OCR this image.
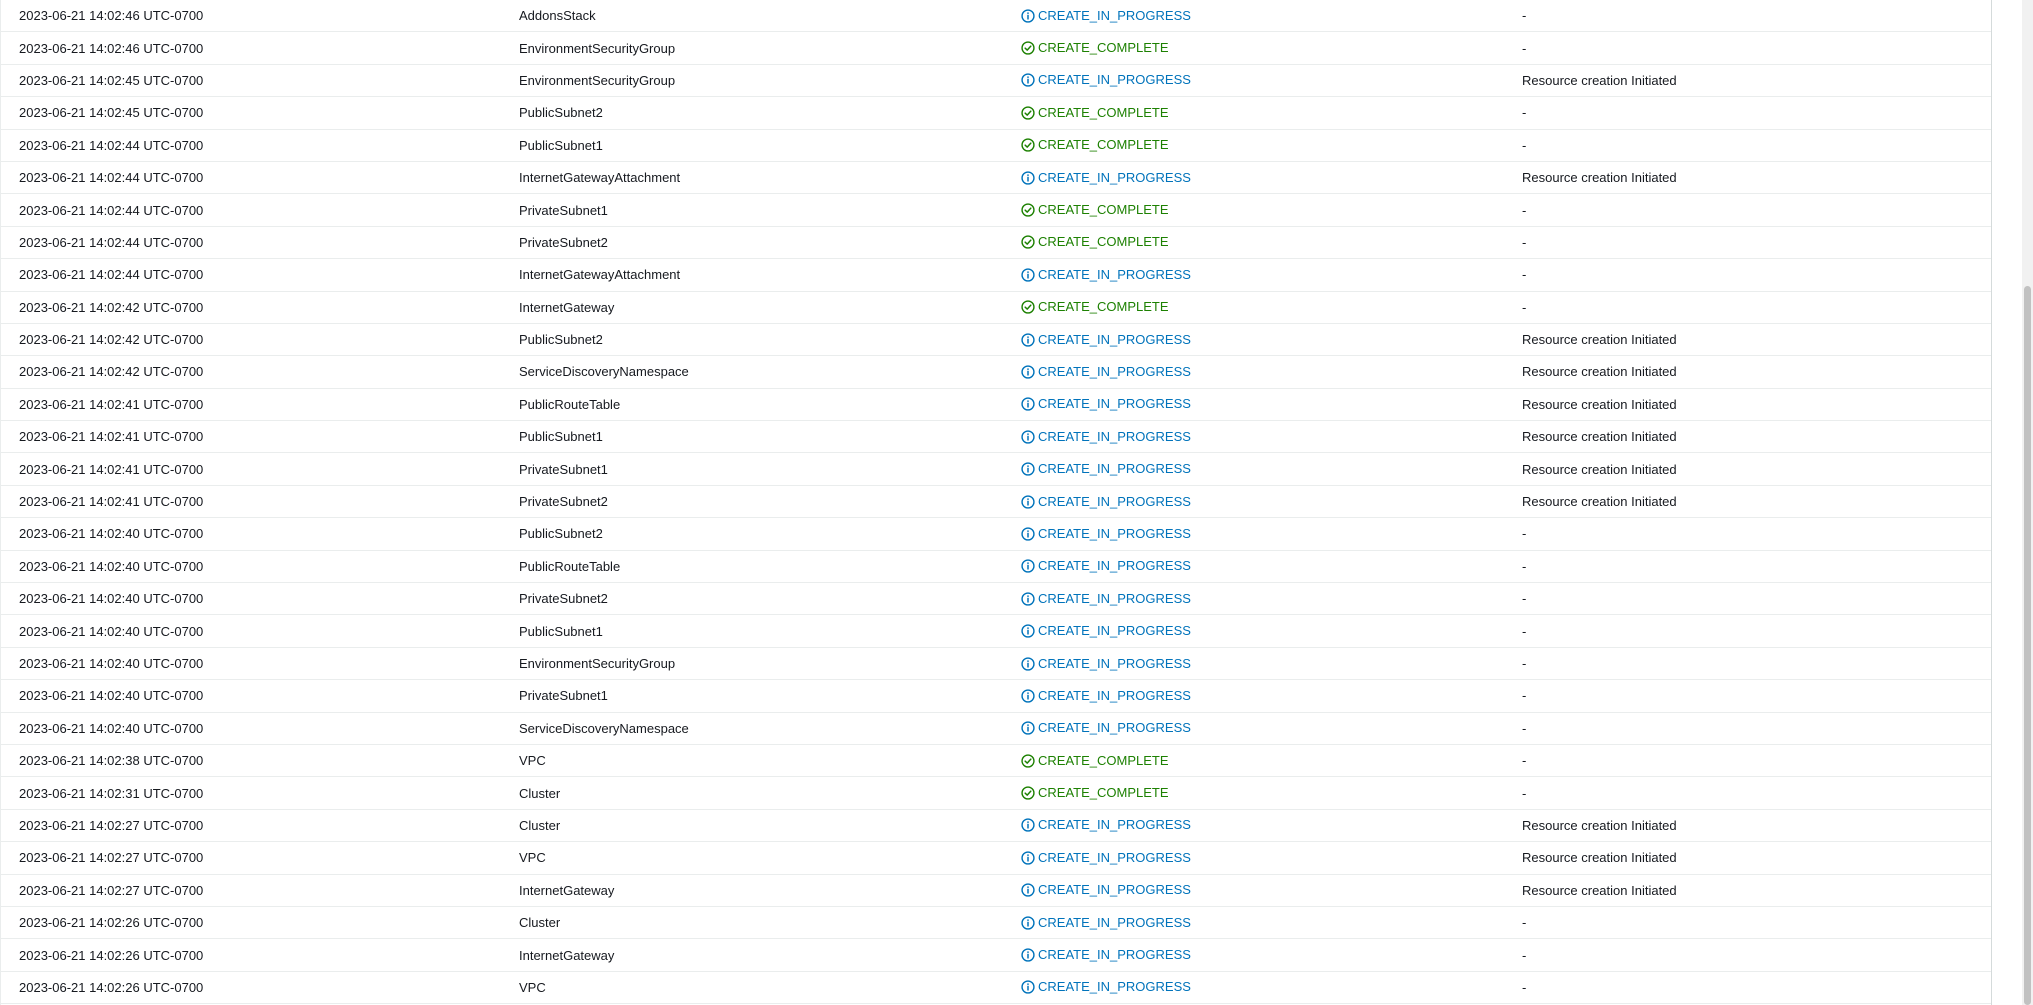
2023-06-21 14:02:46 UTC-0700	AddonsStack	CREATE_IN_PROGRESS	-
2023-06-21 14:02:46 UTC-0700	EnvironmentSecurityGroup	CREATE_COMPLETE	-
2023-06-21 14:02:45 UTC-0700	EnvironmentSecurityGroup	CREATE_IN_PROGRESS	Resource creation Initiated
2023-06-21 14:02:45 UTC-0700	PublicSubnet2	CREATE_COMPLETE	-
2023-06-21 14:02:44 UTC-0700	PublicSubnet1	CREATE_COMPLETE	-
2023-06-21 14:02:44 UTC-0700	InternetGatewayAttachment	CREATE_IN_PROGRESS	Resource creation Initiated
2023-06-21 14:02:44 UTC-0700	PrivateSubnet1	CREATE_COMPLETE	-
2023-06-21 14:02:44 UTC-0700	PrivateSubnet2	CREATE_COMPLETE	-
2023-06-21 14:02:44 UTC-0700	InternetGatewayAttachment	CREATE_IN_PROGRESS	-
2023-06-21 14:02:42 UTC-0700	InternetGateway	CREATE_COMPLETE	-
2023-06-21 14:02:42 UTC-0700	PublicSubnet2	CREATE_IN_PROGRESS	Resource creation Initiated
2023-06-21 14:02:42 UTC-0700	ServiceDiscoveryNamespace	CREATE_IN_PROGRESS	Resource creation Initiated
2023-06-21 14:02:41 UTC-0700	PublicRouteTable	CREATE_IN_PROGRESS	Resource creation Initiated
2023-06-21 14:02:41 UTC-0700	PublicSubnet1	CREATE_IN_PROGRESS	Resource creation Initiated
2023-06-21 14:02:41 UTC-0700	PrivateSubnet1	CREATE_IN_PROGRESS	Resource creation Initiated
2023-06-21 14:02:41 UTC-0700	PrivateSubnet2	CREATE_IN_PROGRESS	Resource creation Initiated
2023-06-21 14:02:40 UTC-0700	PublicSubnet2	CREATE_IN_PROGRESS	-
2023-06-21 14:02:40 UTC-0700	PublicRouteTable	CREATE_IN_PROGRESS	-
2023-06-21 14:02:40 UTC-0700	PrivateSubnet2	CREATE_IN_PROGRESS	-
2023-06-21 14:02:40 UTC-0700	PublicSubnet1	CREATE_IN_PROGRESS	-
2023-06-21 14:02:40 UTC-0700	EnvironmentSecurityGroup	CREATE_IN_PROGRESS	-
2023-06-21 14:02:40 UTC-0700	PrivateSubnet1	CREATE_IN_PROGRESS	-
2023-06-21 14:02:40 UTC-0700	ServiceDiscoveryNamespace	CREATE_IN_PROGRESS	-
2023-06-21 14:02:38 UTC-0700	VPC	CREATE_COMPLETE	-
2023-06-21 14:02:31 UTC-0700	Cluster	CREATE_COMPLETE	-
2023-06-21 14:02:27 UTC-0700	Cluster	CREATE_IN_PROGRESS	Resource creation Initiated
2023-06-21 14:02:27 UTC-0700	VPC	CREATE_IN_PROGRESS	Resource creation Initiated
2023-06-21 14:02:27 UTC-0700	InternetGateway	CREATE_IN_PROGRESS	Resource creation Initiated
2023-06-21 14:02:26 UTC-0700	Cluster	CREATE_IN_PROGRESS	-
2023-06-21 14:02:26 UTC-0700	InternetGateway	CREATE_IN_PROGRESS	-
2023-06-21 14:02:26 UTC-0700	VPC	CREATE_IN_PROGRESS	-
